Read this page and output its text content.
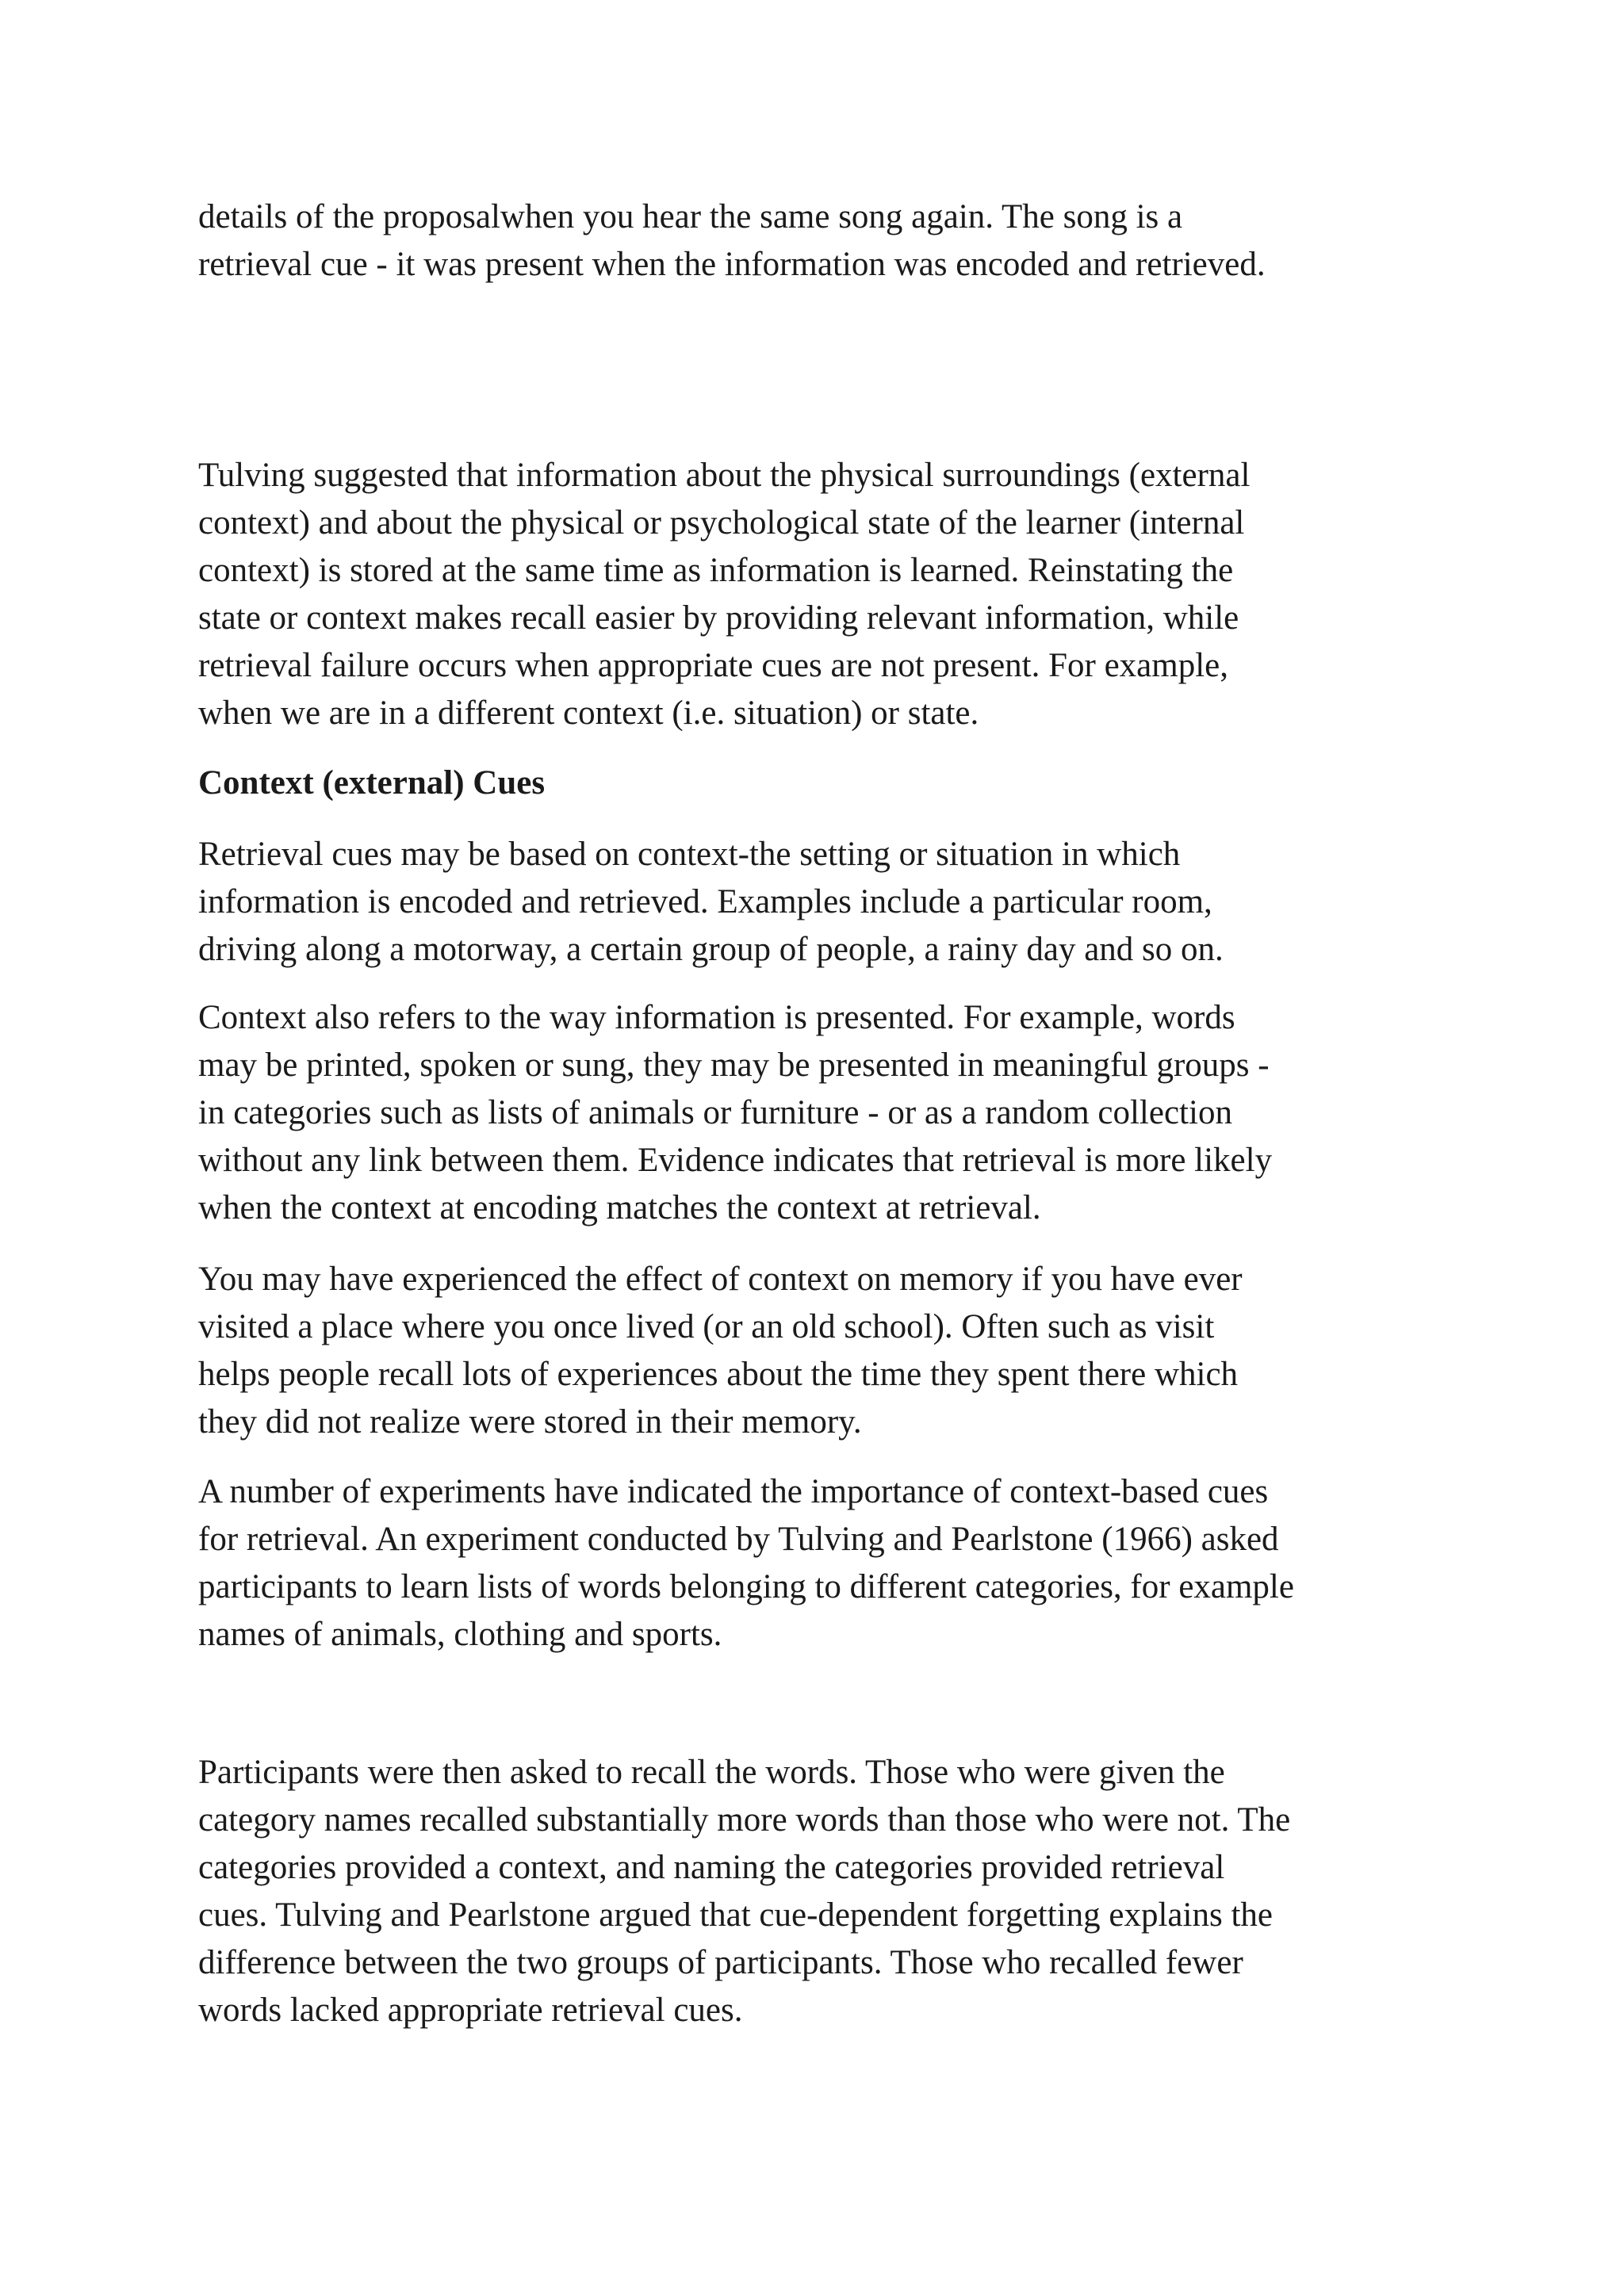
details of the proposalwhen you hear the same song again. The song is a
retrieval cue - it was present when the information was encoded and retrieved.
Tulving suggested that information about the physical surroundings (external
context) and about the physical or psychological state of the learner (internal
context) is stored at the same time as information is learned. Reinstating the
state or context makes recall easier by providing relevant information, while
retrieval failure occurs when appropriate cues are not present. For example,
when we are in a different context (i.e. situation) or state.
Context (external) Cues
Retrieval cues may be based on context-the setting or situation in which
information is encoded and retrieved. Examples include a particular room,
driving along a motorway, a certain group of people, a rainy day and so on.
Context also refers to the way information is presented. For example, words
may be printed, spoken or sung, they may be presented in meaningful groups -
in categories such as lists of animals or furniture - or as a random collection
without any link between them. Evidence indicates that retrieval is more likely
when the context at encoding matches the context at retrieval.
You may have experienced the effect of context on memory if you have ever
visited a place where you once lived (or an old school). Often such as visit
helps people recall lots of experiences about the time they spent there which
they did not realize were stored in their memory.
A number of experiments have indicated the importance of context-based cues
for retrieval. An experiment conducted by Tulving and Pearlstone (1966) asked
participants to learn lists of words belonging to different categories, for example
names of animals, clothing and sports.
Participants were then asked to recall the words. Those who were given the
category names recalled substantially more words than those who were not. The
categories provided a context, and naming the categories provided retrieval
cues. Tulving and Pearlstone argued that cue-dependent forgetting explains the
difference between the two groups of participants. Those who recalled fewer
words lacked appropriate retrieval cues.
